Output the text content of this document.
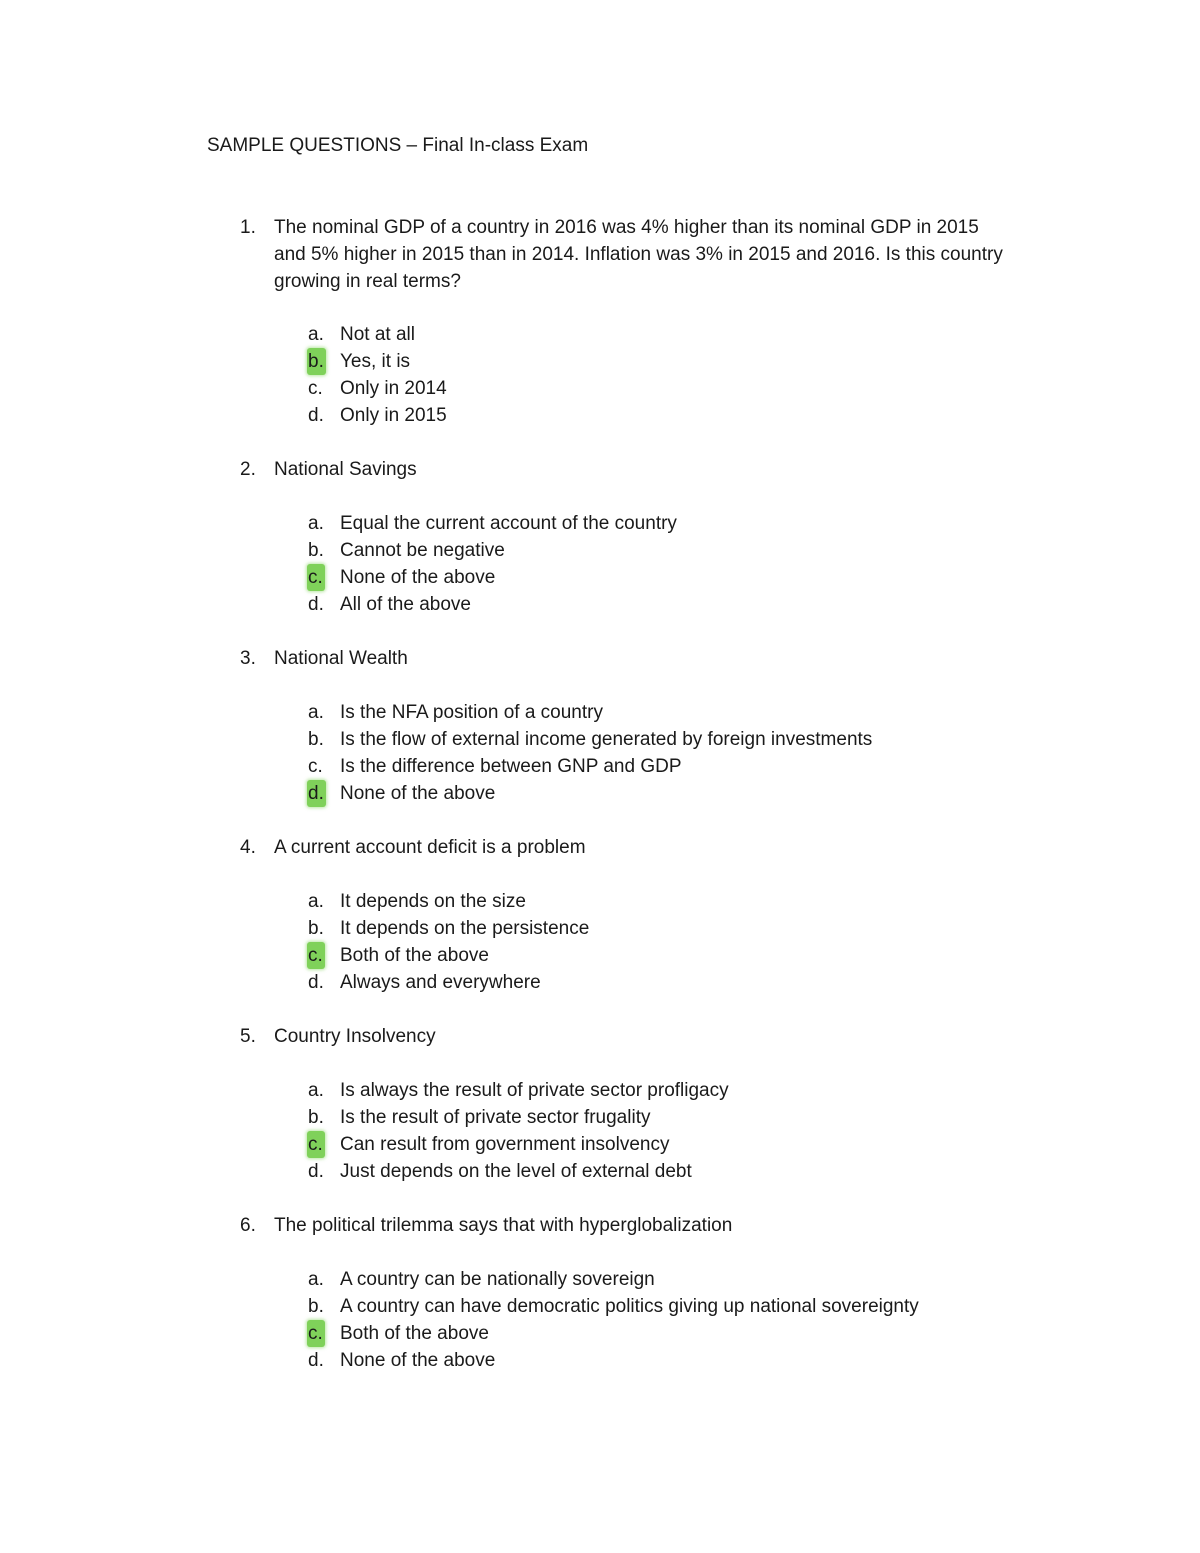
SAMPLE QUESTIONS – Final In-class Exam
1. The nominal GDP of a country in 2016 was 4% higher than its nominal GDP in 2015 and 5% higher in 2015 than in 2014. Inflation was 3% in 2015 and 2016. Is this country growing in real terms?
a. Not at all
b. Yes, it is
c. Only in 2014
d. Only in 2015
2. National Savings
a. Equal the current account of the country
b. Cannot be negative
c. None of the above
d. All of the above
3. National Wealth
a. Is the NFA position of a country
b. Is the flow of external income generated by foreign investments
c. Is the difference between GNP and GDP
d. None of the above
4. A current account deficit is a problem
a. It depends on the size
b. It depends on the persistence
c. Both of the above
d. Always and everywhere
5. Country Insolvency
a. Is always the result of private sector profligacy
b. Is the result of private sector frugality
c. Can result from government insolvency
d. Just depends on the level of external debt
6. The political trilemma says that with hyperglobalization
a. A country can be nationally sovereign
b. A country can have democratic politics giving up national sovereignty
c. Both of the above
d. None of the above
